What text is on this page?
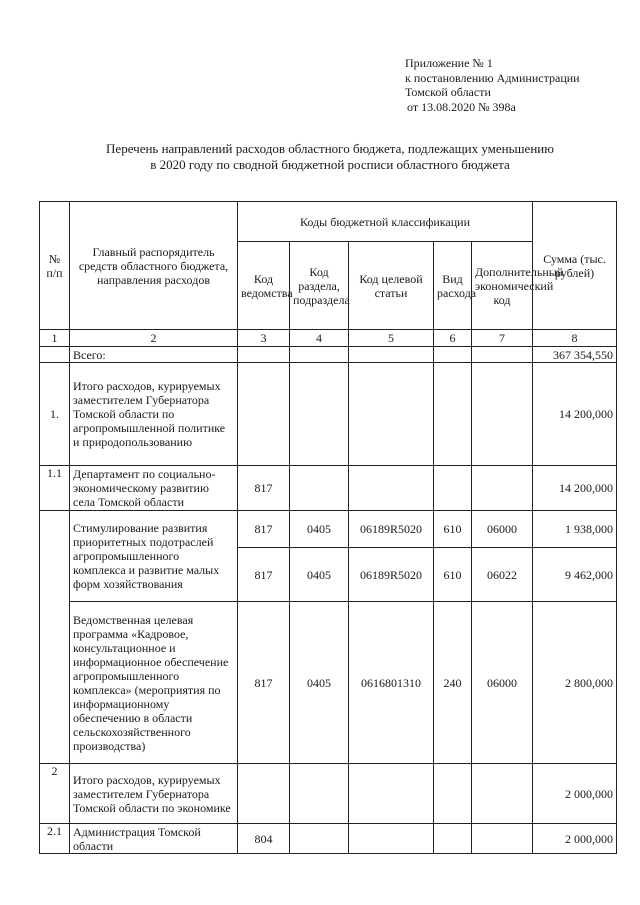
Приложение № 1
к постановлению Администрации
Томской области
от 13.08.2020 № 398а
Перечень направлений расходов областного бюджета, подлежащих уменьшению
в 2020 году по сводной бюджетной росписи областного бюджета
№ п/п	Главный распорядитель средств областного бюджета, направления расходов	Коды бюджетной классификации					Сумма (тыс. рублей)
		Код ведомства	Код раздела, подраздела	Код целевой статьи	Вид расхода	Дополнительный экономический код	
1	2	3	4	5	6	7	8
	Всего:						367 354,550
1.	Итого расходов, курируемых заместителем Губернатора Томской области по агропромышленной политике и природопользованию						14 200,000
1.1	Департамент по социально-экономическому развитию села Томской области	817					14 200,000
	Стимулирование развития приоритетных подотраслей агропромышленного комплекса и развитие малых форм хозяйствования	817	0405	06189R5020	610	06000	1 938,000
		817	0405	06189R5020	610	06022	9 462,000
	Ведомственная целевая программа «Кадровое, консультационное и информационное обеспечение агропромышленного комплекса» (мероприятия по информационному обеспечению в области сельскохозяйственного производства)	817	0405	0616801310	240	06000	2 800,000
2	Итого расходов, курируемых заместителем Губернатора Томской области по экономике						2 000,000
2.1	Администрация Томской области	804					2 000,000
